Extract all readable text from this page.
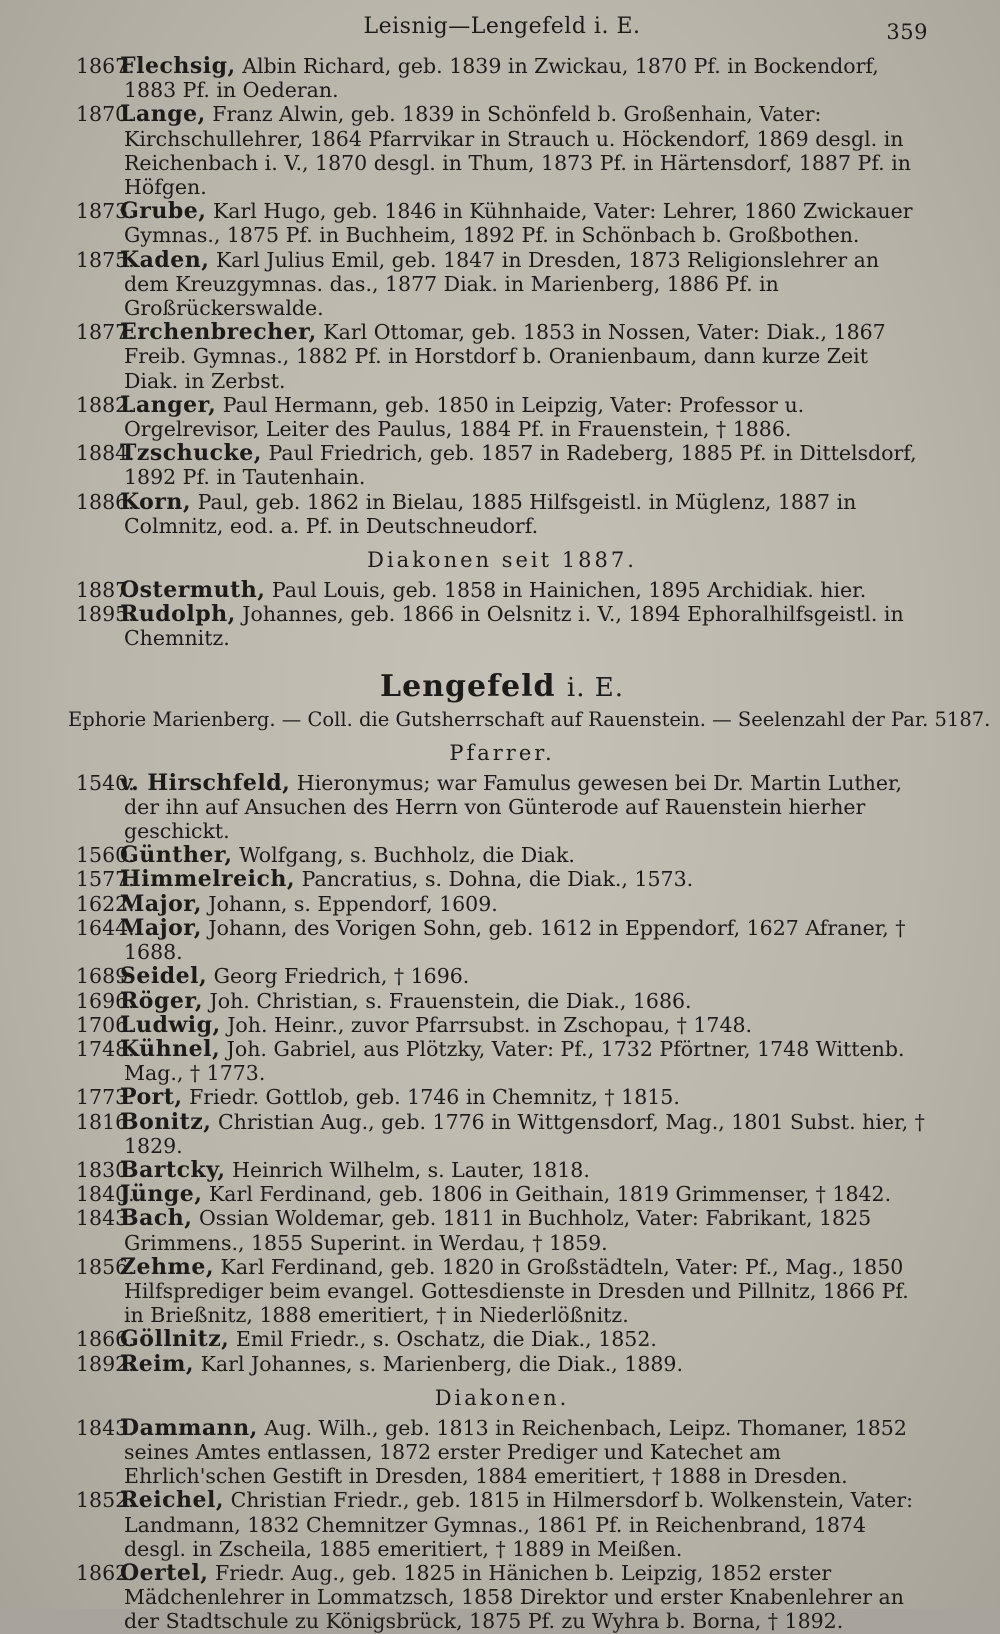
Leisnig—Lengefeld i. E.	359
1867.Flechsig, Albin Richard, geb. 1839 in Zwickau, 1870 Pf. in Bockendorf, 1883 Pf. in Oederan.
1870.Lange, Franz Alwin, geb. 1839 in Schönfeld b. Großenhain, Vater: Kirchschullehrer, 1864 Pfarrvikar in Strauch u. Höckendorf, 1869 desgl. in Reichenbach i. V., 1870 desgl. in Thum, 1873 Pf. in Härtensdorf, 1887 Pf. in Höfgen.
1873.Grube, Karl Hugo, geb. 1846 in Kühnhaide, Vater: Lehrer, 1860 Zwickauer Gymnas., 1875 Pf. in Buchheim, 1892 Pf. in Schönbach b. Großbothen.
1875.Kaden, Karl Julius Emil, geb. 1847 in Dresden, 1873 Religionslehrer an dem Kreuzgymnas. das., 1877 Diak. in Marienberg, 1886 Pf. in Großrückerswalde.
1877.Erchenbrecher, Karl Ottomar, geb. 1853 in Nossen, Vater: Diak., 1867 Freib. Gymnas., 1882 Pf. in Horstdorf b. Oranienbaum, dann kurze Zeit Diak. in Zerbst.
1882.Langer, Paul Hermann, geb. 1850 in Leipzig, Vater: Professor u. Orgelrevisor, Leiter des Paulus, 1884 Pf. in Frauenstein, † 1886.
1884.Tzschucke, Paul Friedrich, geb. 1857 in Radeberg, 1885 Pf. in Dittelsdorf, 1892 Pf. in Tautenhain.
1886.Korn, Paul, geb. 1862 in Bielau, 1885 Hilfsgeistl. in Müglenz, 1887 in Colmnitz, eod. a. Pf. in Deutschneudorf.
Diakonen seit 1887.
1887.Ostermuth, Paul Louis, geb. 1858 in Hainichen, 1895 Archidiak. hier.
1895.Rudolph, Johannes, geb. 1866 in Oelsnitz i. V., 1894 Ephoralhilfsgeistl. in Chemnitz.
Lengefeld i. E.
Ephorie Marienberg. — Coll. die Gutsherrschaft auf Rauenstein. — Seelenzahl der Par. 5187.
Pfarrer.
1540.v. Hirschfeld, Hieronymus; war Famulus gewesen bei Dr. Martin Luther, der ihn auf Ansuchen des Herrn von Günterode auf Rauenstein hierher geschickt.
1560.Günther, Wolfgang, s. Buchholz, die Diak.
1577.Himmelreich, Pancratius, s. Dohna, die Diak., 1573.
1622.Major, Johann, s. Eppendorf, 1609.
1644.Major, Johann, des Vorigen Sohn, geb. 1612 in Eppendorf, 1627 Afraner, † 1688.
1689.Seidel, Georg Friedrich, † 1696.
1696.Röger, Joh. Christian, s. Frauenstein, die Diak., 1686.
1706.Ludwig, Joh. Heinr., zuvor Pfarrsubst. in Zschopau, † 1748.
1748.Kühnel, Joh. Gabriel, aus Plötzky, Vater: Pf., 1732 Pförtner, 1748 Wittenb. Mag., † 1773.
1773.Port, Friedr. Gottlob, geb. 1746 in Chemnitz, † 1815.
1816.Bonitz, Christian Aug., geb. 1776 in Wittgensdorf, Mag., 1801 Subst. hier, † 1829.
1830.Bartcky, Heinrich Wilhelm, s. Lauter, 1818.
1840.Jünge, Karl Ferdinand, geb. 1806 in Geithain, 1819 Grimmenser, † 1842.
1843.Bach, Ossian Woldemar, geb. 1811 in Buchholz, Vater: Fabrikant, 1825 Grimmens., 1855 Superint. in Werdau, † 1859.
1856.Zehme, Karl Ferdinand, geb. 1820 in Großstädteln, Vater: Pf., Mag., 1850 Hilfsprediger beim evangel. Gottesdienste in Dresden und Pillnitz, 1866 Pf. in Brießnitz, 1888 emeritiert, † in Niederlößnitz.
1866.Göllnitz, Emil Friedr., s. Oschatz, die Diak., 1852.
1892.Reim, Karl Johannes, s. Marienberg, die Diak., 1889.
Diakonen.
1843.Dammann, Aug. Wilh., geb. 1813 in Reichenbach, Leipz. Thomaner, 1852 seines Amtes entlassen, 1872 erster Prediger und Katechet am Ehrlich'schen Gestift in Dresden, 1884 emeritiert, † 1888 in Dresden.
1852.Reichel, Christian Friedr., geb. 1815 in Hilmersdorf b. Wolkenstein, Vater: Landmann, 1832 Chemnitzer Gymnas., 1861 Pf. in Reichenbrand, 1874 desgl. in Zscheila, 1885 emeritiert, † 1889 in Meißen.
1862.Oertel, Friedr. Aug., geb. 1825 in Hänichen b. Leipzig, 1852 erster Mädchenlehrer in Lommatzsch, 1858 Direktor und erster Knabenlehrer an der Stadtschule zu Königsbrück, 1875 Pf. zu Wyhra b. Borna, † 1892.
